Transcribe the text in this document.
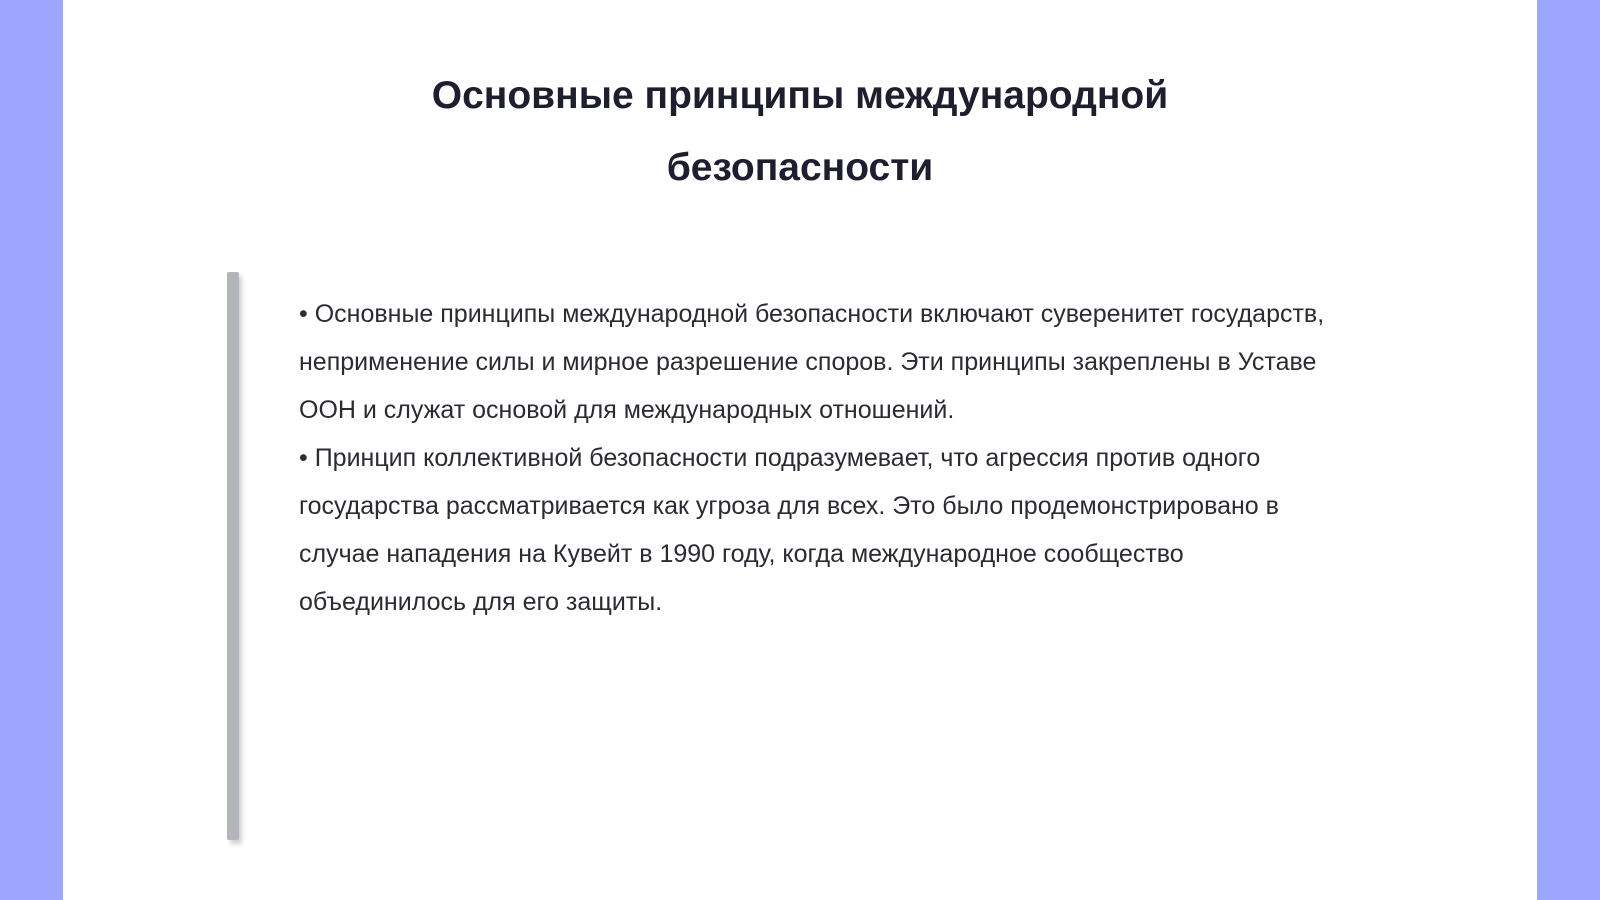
Основные принципы международной
безопасности

• Основные принципы международной безопасности включают суверенитет государств, неприменение силы и мирное разрешение споров. Эти принципы закреплены в Уставе ООН и служат основой для международных отношений.

• Принцип коллективной безопасности подразумевает, что агрессия против одного государства рассматривается как угроза для всех. Это было продемонстрировано в случае нападения на Кувейт в 1990 году, когда международное сообщество объединилось для его защиты.
